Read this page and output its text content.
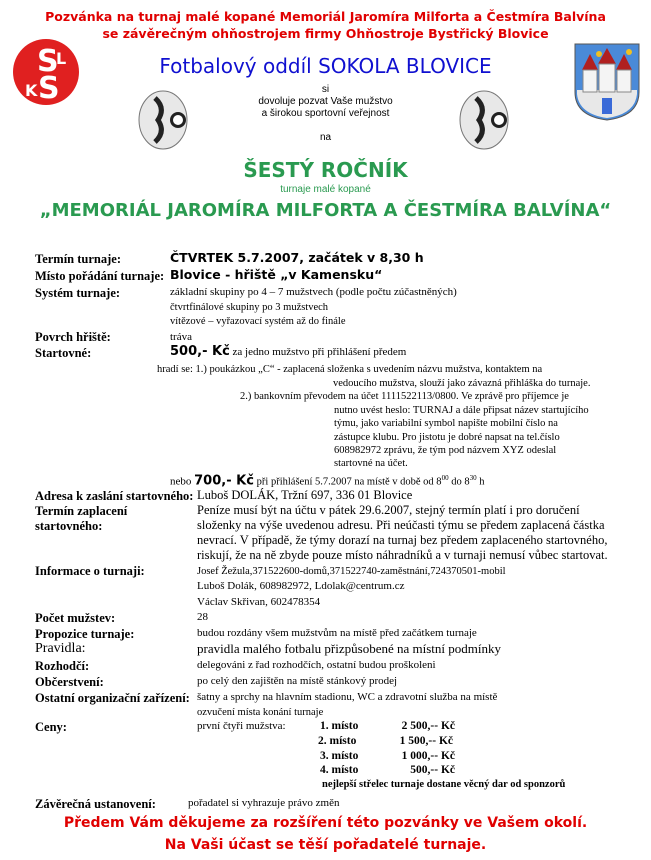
Pozvánka na turnaj malé kopané Memoriál Jaromíra Milforta a Čestmíra Balvína
se závěrečným ohňostrojem firmy Ohňostroje Bystřický Blovice
S
L
K S
Fotbalový oddíl SOKOLA BLOVICE
si
dovoluje pozvat Vaše mužstvo
a širokou sportovní veřejnost
na
ŠESTÝ ROČNÍK
turnaje malé kopané
„MEMORIÁL JAROMÍRA MILFORTA A ČESTMÍRA BALVÍNA“
Termín turnaje:	ČTVRTEK 5.7.2007, začátek v 8,30 h
Místo pořádání turnaje: Blovice - hřiště „v Kamensku“
Systém turnaje:	základní skupiny po 4 – 7 mužstvech (podle počtu zúčastněných)
čtvrtfinálové skupiny po 3 mužstvech
vítězové – vyřazovací systém až do finále
Povrch hřiště:	tráva
Startovné:	500,- Kč za jedno mužstvo při přihlášení předem
hradí se: 1.) poukázkou „C“ - zaplacená složenka s uvedením názvu mužstva, kontaktem na
vedoucího mužstva, slouží jako závazná přihláška do turnaje.
2.) bankovním převodem na účet 1111522113/0800. Ve zprávě pro příjemce je
nutno uvést heslo: TURNAJ a dále připsat název startujícího
týmu, jako variabilní symbol napište mobilní číslo na
zástupce klubu. Pro jistotu je dobré napsat na tel.číslo
608982972 zprávu, že tým pod názvem XYZ odeslal
startovné na účet.
nebo 700,- Kč při přihlášení 5.7.2007 na místě v době od $8^{00}$ do $8^{30}$ h
Adresa k zaslání startovného: Luboš DOLÁK, Tržní 697, 336 01 Blovice
Termín zaplacení
startovného:
Peníze musí být na účtu v pátek 29.6.2007, stejný termín platí i pro doručení
složenky na výše uvedenou adresu. Při neúčasti týmu se předem zaplacená částka
nevrací. V případě, že týmy dorazí na turnaj bez předem zaplaceného startovného,
riskují, že na ně zbyde pouze místo náhradníků a v turnaji nemusí vůbec startovat.
Informace o turnaji:	Josef Žežula,371522600-domů,371522740-zaměstnání,724370501-mobil
Luboš Dolák, 608982972, Ldolak@centrum.cz
Václav Skřivan, 602478354
Počet mužstev:	28
Propozice turnaje:	budou rozdány všem mužstvům na místě před začátkem turnaje
Pravidla:	pravidla malého fotbalu přizpůsobené na místní podmínky
Rozhodčí:	delegováni z řad rozhodčích, ostatní budou proškoleni
Občerstvení:	po celý den zajištěn na místě stánkový prodej
Ostatní organizační zařízení: šatny a sprchy na hlavním stadionu, WC a zdravotní služba na místě
ozvučení místa konání turnaje
Ceny:	první čtyři mužstva:	1. místo	2 500,-- Kč
2. místo	1 500,-- Kč
3. místo	1 000,-- Kč
4. místo	500,-- Kč
nejlepší střelec turnaje dostane věcný dar od sponzorů
Závěrečná ustanovení:	pořadatel si vyhrazuje právo změn
Předem Vám děkujeme za rozšíření této pozvánky ve Vašem okolí.
Na Vaši účast se těší pořadatelé turnaje.
